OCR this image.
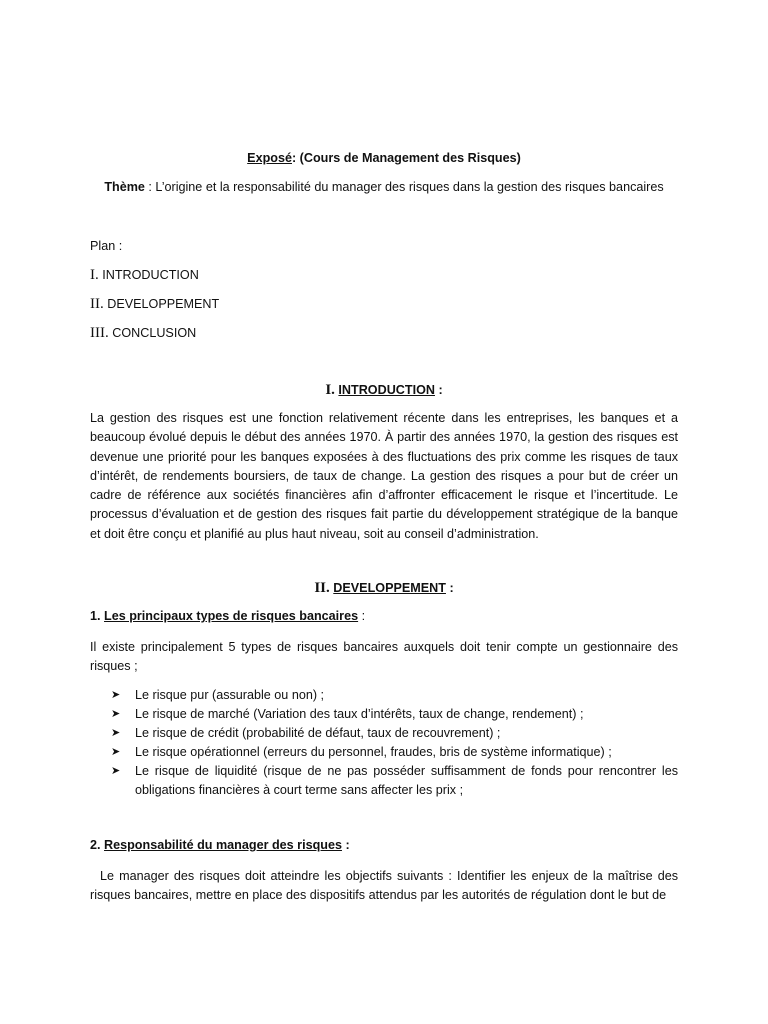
Exposé: (Cours de Management des Risques)
Thème : L’origine et la responsabilité du manager des risques dans la gestion des risques bancaires
Plan :
I. INTRODUCTION
II. DEVELOPPEMENT
III. CONCLUSION
I. INTRODUCTION :
La gestion des risques est une fonction relativement récente dans les entreprises, les banques et a beaucoup évolué depuis le début des années 1970. À partir des années 1970, la gestion des risques est devenue une priorité pour les banques exposées à des fluctuations des prix comme les risques de taux d’intérêt, de rendements boursiers, de taux de change. La gestion des risques a pour but de créer un cadre de référence aux sociétés financières afin d’affronter efficacement le risque et l’incertitude. Le processus d’évaluation et de gestion des risques fait partie du développement stratégique de la banque et doit être conçu et planifié au plus haut niveau, soit au conseil d’administration.
II. DEVELOPPEMENT :
1. Les principaux types de risques bancaires :
Il existe principalement 5 types de risques bancaires auxquels doit tenir compte un gestionnaire des risques ;
➤ Le risque pur (assurable ou non) ;
➤ Le risque de marché (Variation des taux d’intérêts, taux de change, rendement) ;
➤ Le risque de crédit (probabilité de défaut, taux de recouvrement) ;
➤ Le risque opérationnel (erreurs du personnel, fraudes, bris de système informatique) ;
➤ Le risque de liquidité (risque de ne pas posséder suffisamment de fonds pour rencontrer les obligations financières à court terme sans affecter les prix ;
2. Responsabilité du manager des risques :
Le manager des risques doit atteindre les objectifs suivants : Identifier les enjeux de la maîtrise des risques bancaires, mettre en place des dispositifs attendus par les autorités de régulation dont le but de
